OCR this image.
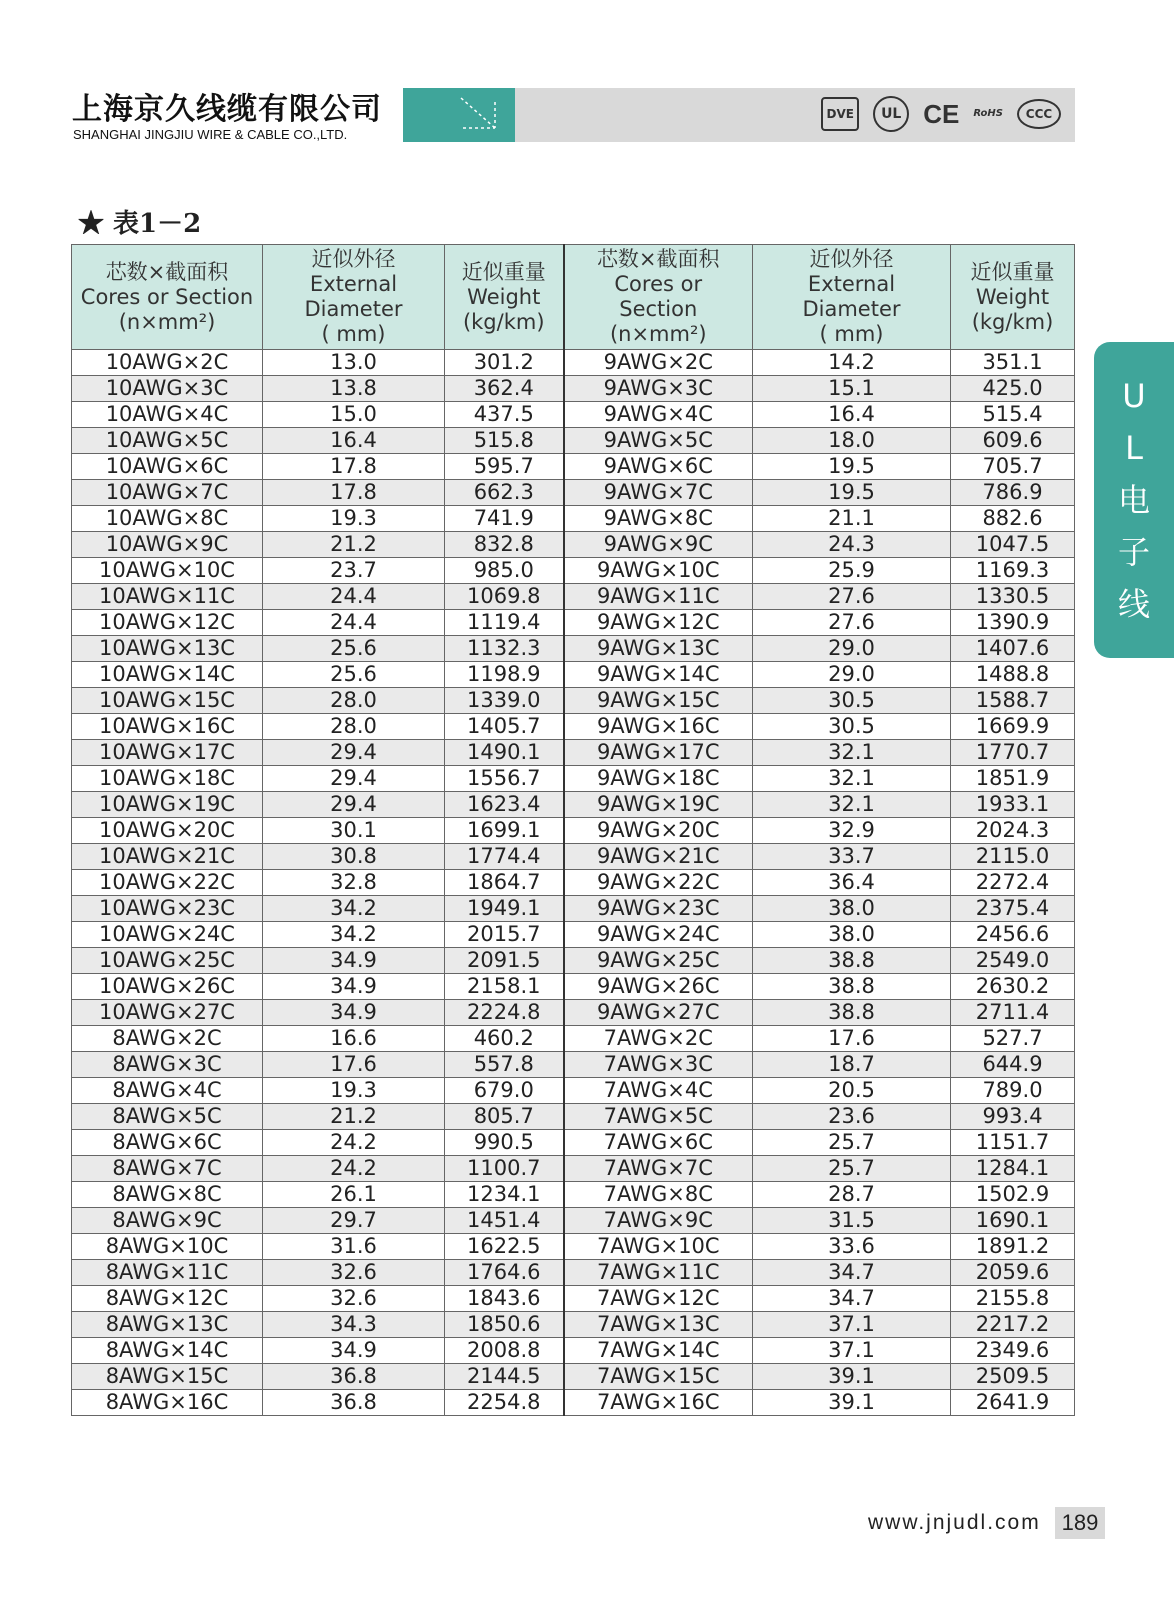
上海京久线缆有限公司
SHANGHAI JINGJIU WIRE & CABLE CO.,LTD.
DVE	UL CE RoHS	CCC
★ 表1－2
芯数×截面积
Cores or Section
(n×mm²)	近似外径
External
Diameter
( mm)	近似重量
Weight
(kg/km)	芯数×截面积
Cores or
Section
(n×mm²)	近似外径
External
Diameter
( mm)	近似重量
Weight
(kg/km)

10AWG×2C	13.0	301.2	9AWG×2C	14.2	351.1
10AWG×3C	13.8	362.4	9AWG×3C	15.1	425.0
10AWG×4C	15.0	437.5	9AWG×4C	16.4	515.4
10AWG×5C	16.4	515.8	9AWG×5C	18.0	609.6
10AWG×6C	17.8	595.7	9AWG×6C	19.5	705.7
10AWG×7C	17.8	662.3	9AWG×7C	19.5	786.9
10AWG×8C	19.3	741.9	9AWG×8C	21.1	882.6
10AWG×9C	21.2	832.8	9AWG×9C	24.3	1047.5
10AWG×10C	23.7	985.0	9AWG×10C	25.9	1169.3
10AWG×11C	24.4	1069.8	9AWG×11C	27.6	1330.5
10AWG×12C	24.4	1119.4	9AWG×12C	27.6	1390.9
10AWG×13C	25.6	1132.3	9AWG×13C	29.0	1407.6
10AWG×14C	25.6	1198.9	9AWG×14C	29.0	1488.8
10AWG×15C	28.0	1339.0	9AWG×15C	30.5	1588.7
10AWG×16C	28.0	1405.7	9AWG×16C	30.5	1669.9
10AWG×17C	29.4	1490.1	9AWG×17C	32.1	1770.7
10AWG×18C	29.4	1556.7	9AWG×18C	32.1	1851.9
10AWG×19C	29.4	1623.4	9AWG×19C	32.1	1933.1
10AWG×20C	30.1	1699.1	9AWG×20C	32.9	2024.3
10AWG×21C	30.8	1774.4	9AWG×21C	33.7	2115.0
10AWG×22C	32.8	1864.7	9AWG×22C	36.4	2272.4
10AWG×23C	34.2	1949.1	9AWG×23C	38.0	2375.4
10AWG×24C	34.2	2015.7	9AWG×24C	38.0	2456.6
10AWG×25C	34.9	2091.5	9AWG×25C	38.8	2549.0
10AWG×26C	34.9	2158.1	9AWG×26C	38.8	2630.2
10AWG×27C	34.9	2224.8	9AWG×27C	38.8	2711.4
8AWG×2C	16.6	460.2	7AWG×2C	17.6	527.7
8AWG×3C	17.6	557.8	7AWG×3C	18.7	644.9
8AWG×4C	19.3	679.0	7AWG×4C	20.5	789.0
8AWG×5C	21.2	805.7	7AWG×5C	23.6	993.4
8AWG×6C	24.2	990.5	7AWG×6C	25.7	1151.7
8AWG×7C	24.2	1100.7	7AWG×7C	25.7	1284.1
8AWG×8C	26.1	1234.1	7AWG×8C	28.7	1502.9
8AWG×9C	29.7	1451.4	7AWG×9C	31.5	1690.1
8AWG×10C	31.6	1622.5	7AWG×10C	33.6	1891.2
8AWG×11C	32.6	1764.6	7AWG×11C	34.7	2059.6
8AWG×12C	32.6	1843.6	7AWG×12C	34.7	2155.8
8AWG×13C	34.3	1850.6	7AWG×13C	37.1	2217.2
8AWG×14C	34.9	2008.8	7AWG×14C	37.1	2349.6
8AWG×15C	36.8	2144.5	7AWG×15C	39.1	2509.5
8AWG×16C	36.8	2254.8	7AWG×16C	39.1	2641.9
U
L
电
子
线
www.jnjudl.com 189
